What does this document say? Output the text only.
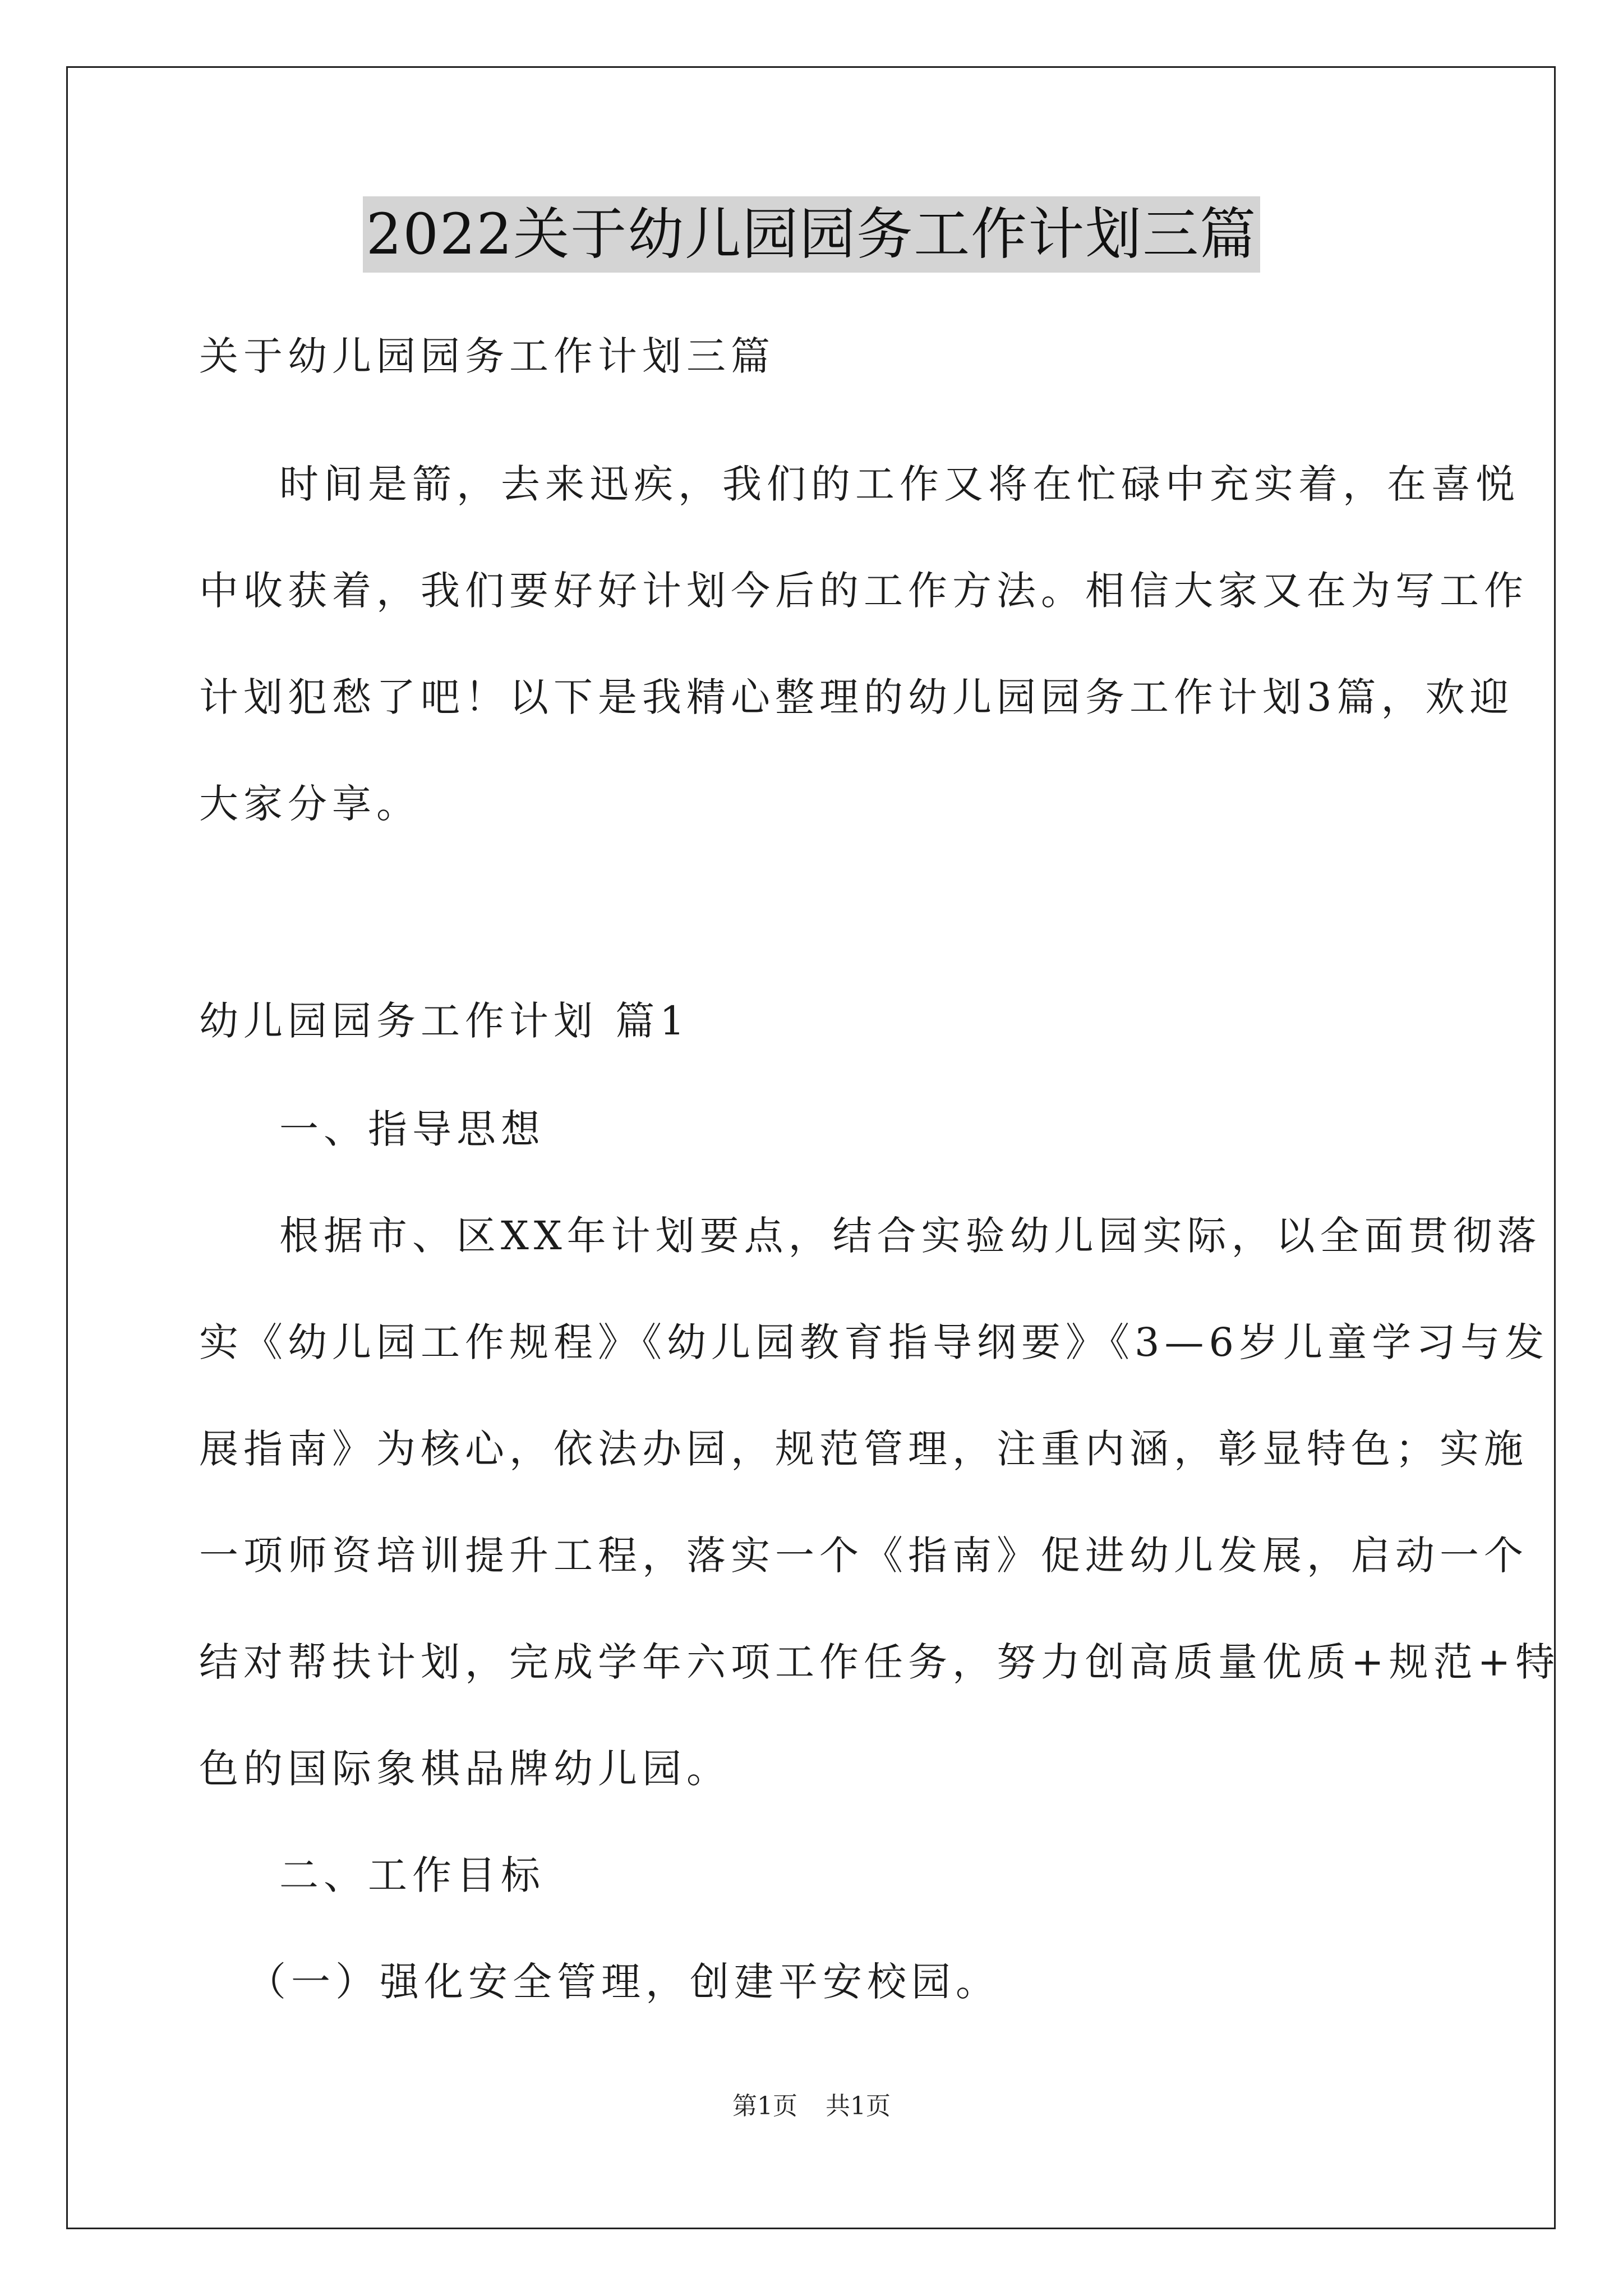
2022关于幼儿园园务工作计划三篇
关于幼儿园园务工作计划三篇
时间是箭，去来迅疾，我们的工作又将在忙碌中充实着，在喜悦
中收获着，我们要好好计划今后的工作方法。相信大家又在为写工作
计划犯愁了吧！以下是我精心整理的幼儿园园务工作计划3篇，欢迎
大家分享。
幼儿园园务工作计划 篇1
一、指导思想
根据市、区XX年计划要点，结合实验幼儿园实际，以全面贯彻落
实《幼儿园工作规程》《幼儿园教育指导纲要》《3—6岁儿童学习与发
展指南》为核心，依法办园，规范管理，注重内涵，彰显特色；实施
一项师资培训提升工程，落实一个《指南》促进幼儿发展，启动一个
结对帮扶计划，完成学年六项工作任务，努力创高质量优质+规范+特
色的国际象棋品牌幼儿园。
二、工作目标
（一）强化安全管理，创建平安校园。
第1页 共1页
